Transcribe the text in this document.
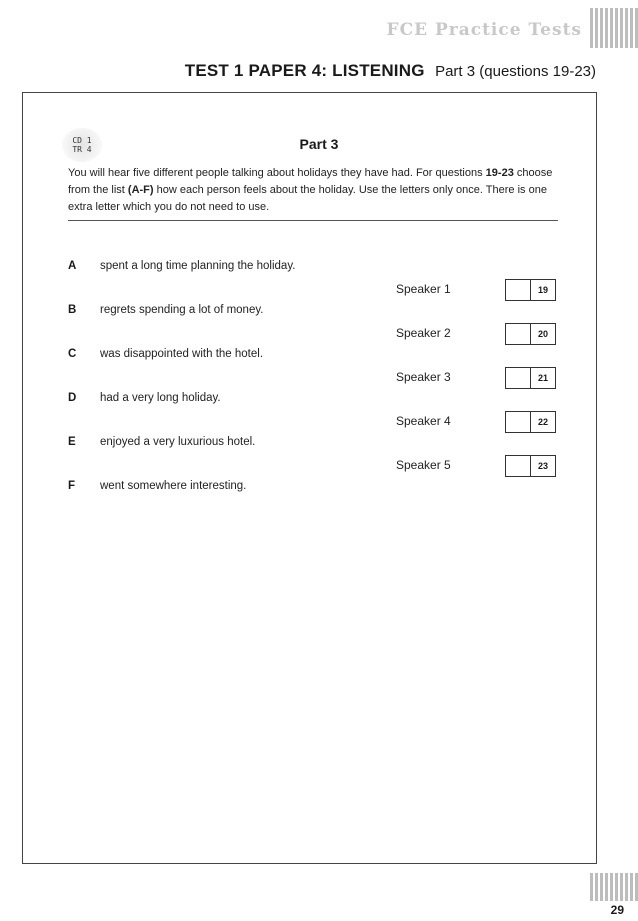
FCE Practice Tests
TEST 1 PAPER 4: LISTENING Part 3 (questions 19-23)
CD 1
TR 4	Part 3
You will hear five different people talking about holidays they have had. For questions 19-23 choose from the list (A-F) how each person feels about the holiday. Use the letters only once. There is one extra letter which you do not need to use.
A spent a long time planning the holiday.
B regrets spending a lot of money.
C was disappointed with the hotel.
D had a very long holiday.
E enjoyed a very luxurious hotel.
F went somewhere interesting.
Speaker 1	19
Speaker 2	20
Speaker 3	21
Speaker 4	22
Speaker 5	23
29
